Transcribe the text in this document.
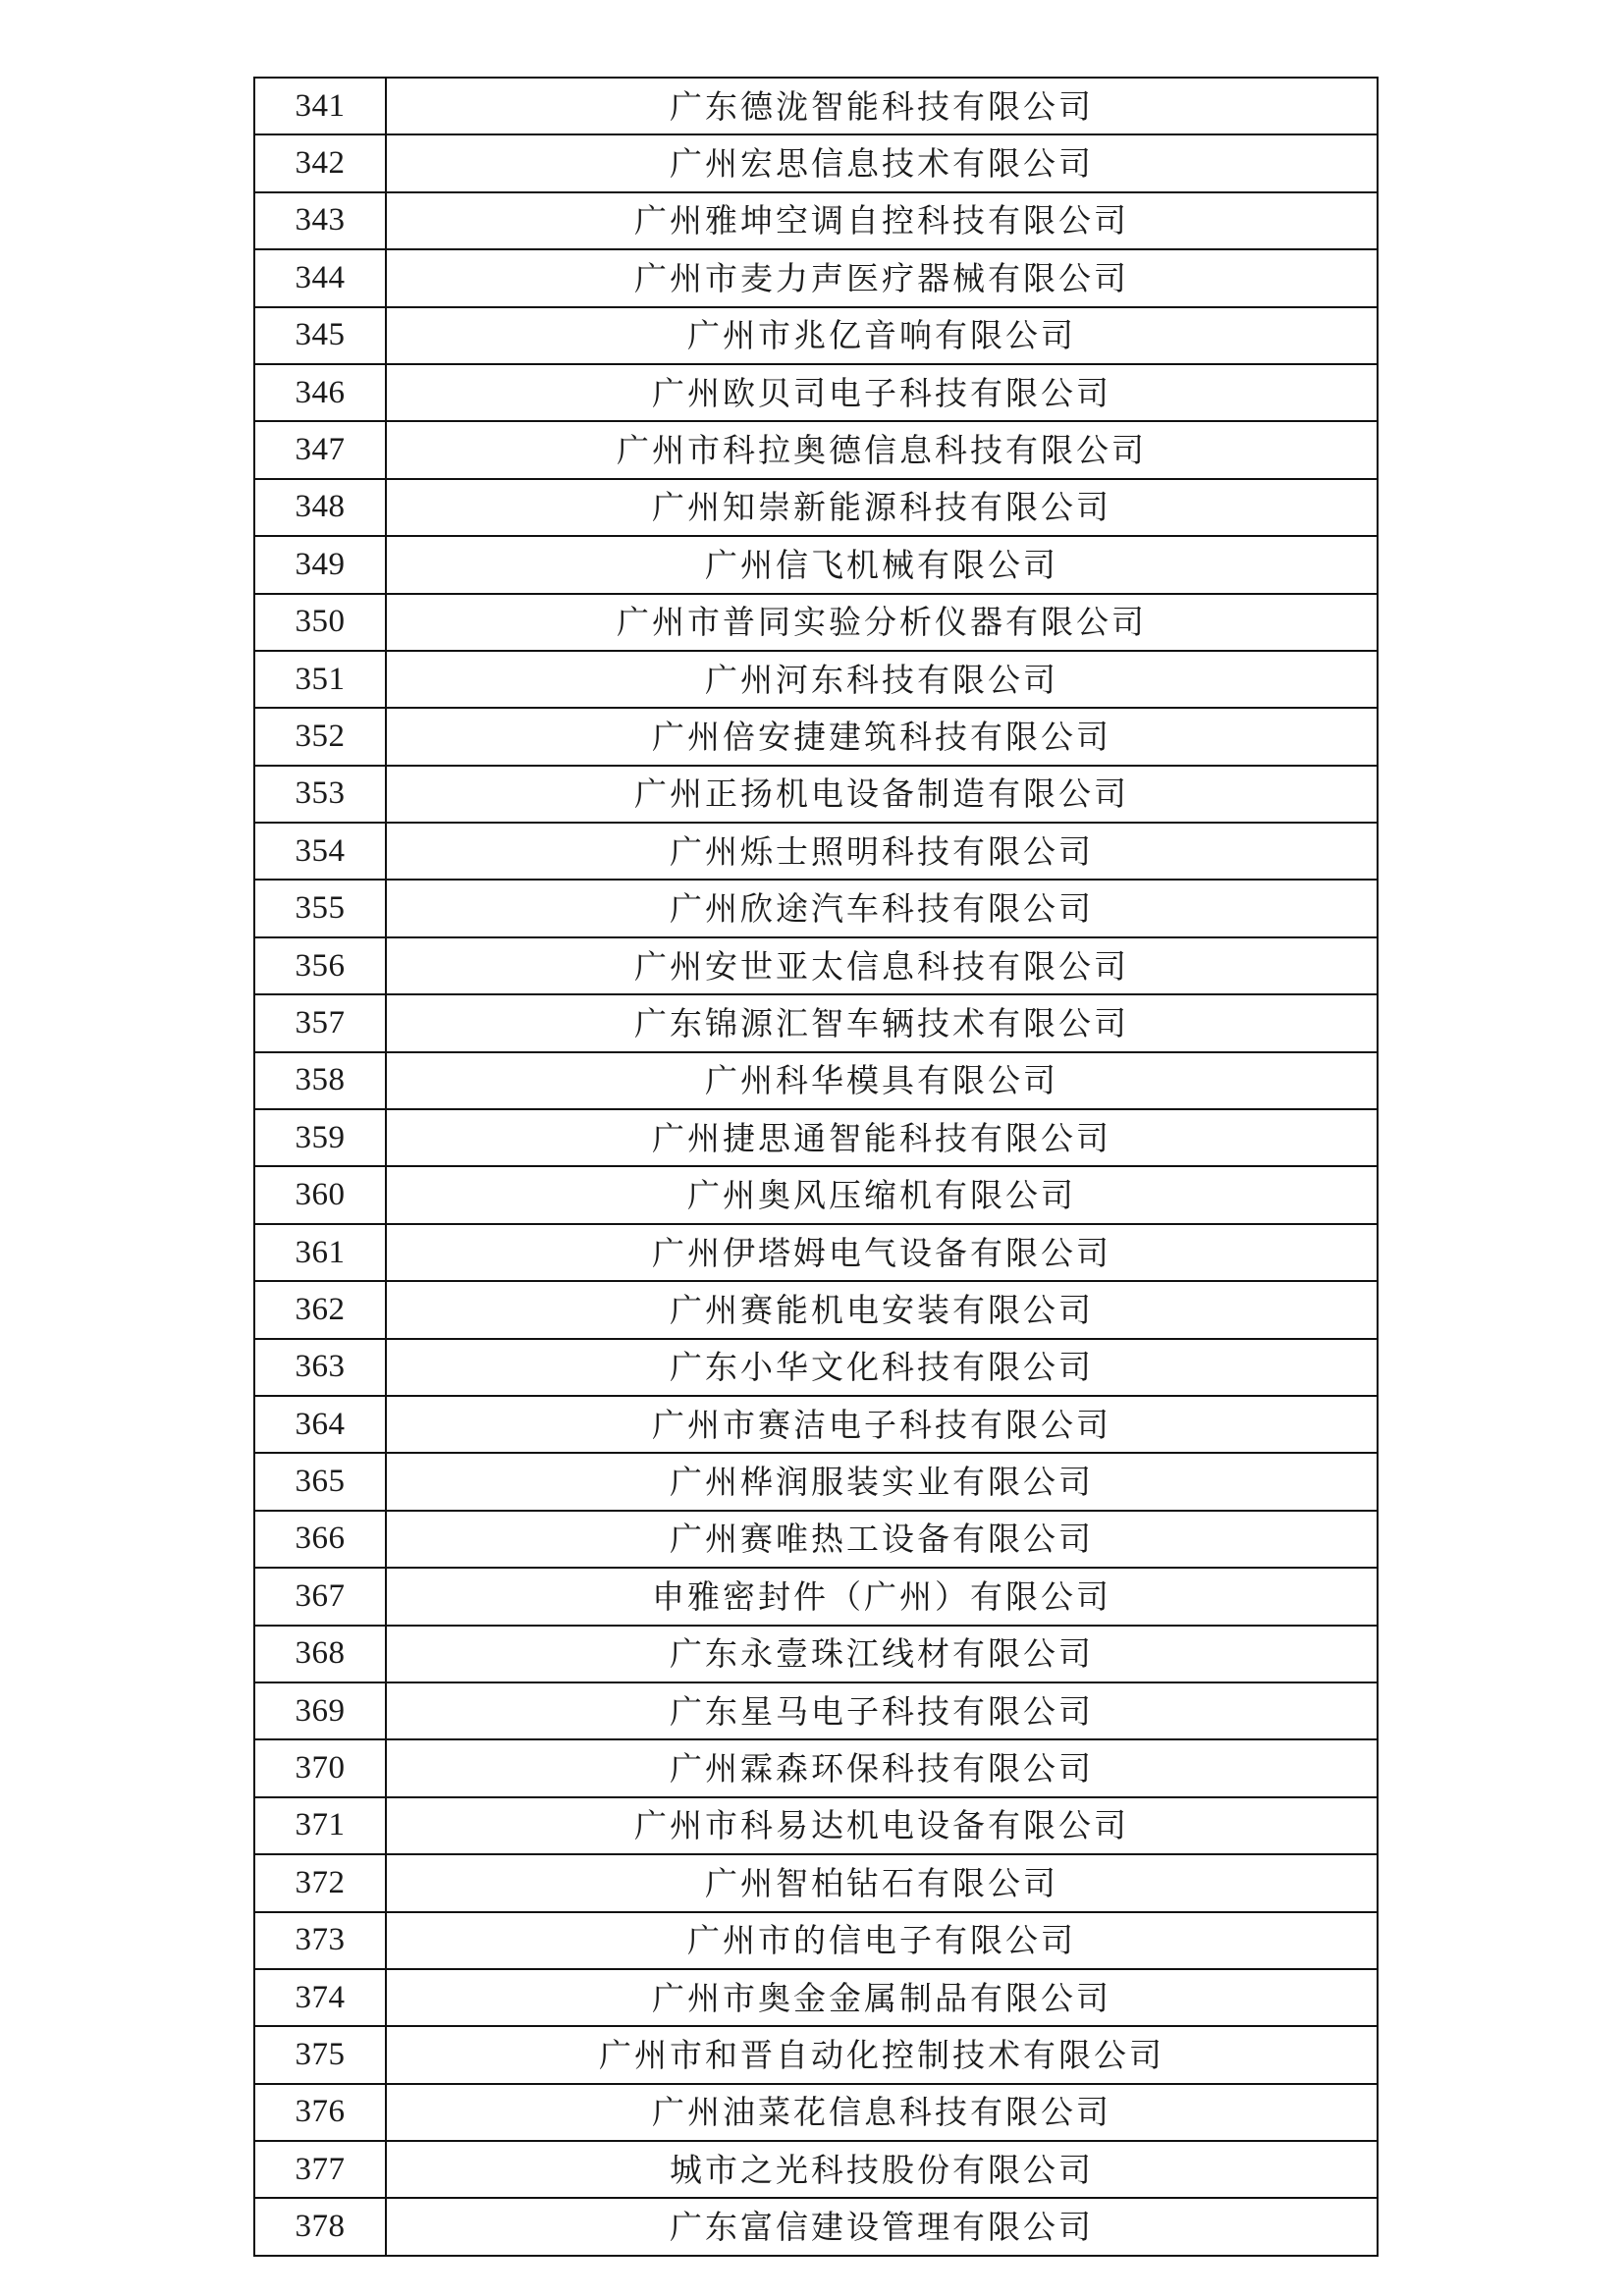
341	广东德泷智能科技有限公司
342	广州宏思信息技术有限公司
343	广州雅坤空调自控科技有限公司
344	广州市麦力声医疗器械有限公司
345	广州市兆亿音响有限公司
346	广州欧贝司电子科技有限公司
347	广州市科拉奥德信息科技有限公司
348	广州知崇新能源科技有限公司
349	广州信飞机械有限公司
350	广州市普同实验分析仪器有限公司
351	广州河东科技有限公司
352	广州倍安捷建筑科技有限公司
353	广州正扬机电设备制造有限公司
354	广州烁士照明科技有限公司
355	广州欣途汽车科技有限公司
356	广州安世亚太信息科技有限公司
357	广东锦源汇智车辆技术有限公司
358	广州科华模具有限公司
359	广州捷思通智能科技有限公司
360	广州奥风压缩机有限公司
361	广州伊塔姆电气设备有限公司
362	广州赛能机电安装有限公司
363	广东小华文化科技有限公司
364	广州市赛洁电子科技有限公司
365	广州桦润服装实业有限公司
366	广州赛唯热工设备有限公司
367	申雅密封件（广州）有限公司
368	广东永壹珠江线材有限公司
369	广东星马电子科技有限公司
370	广州霖森环保科技有限公司
371	广州市科易达机电设备有限公司
372	广州智柏钻石有限公司
373	广州市的信电子有限公司
374	广州市奥金金属制品有限公司
375	广州市和晋自动化控制技术有限公司
376	广州油菜花信息科技有限公司
377	城市之光科技股份有限公司
378	广东富信建设管理有限公司
